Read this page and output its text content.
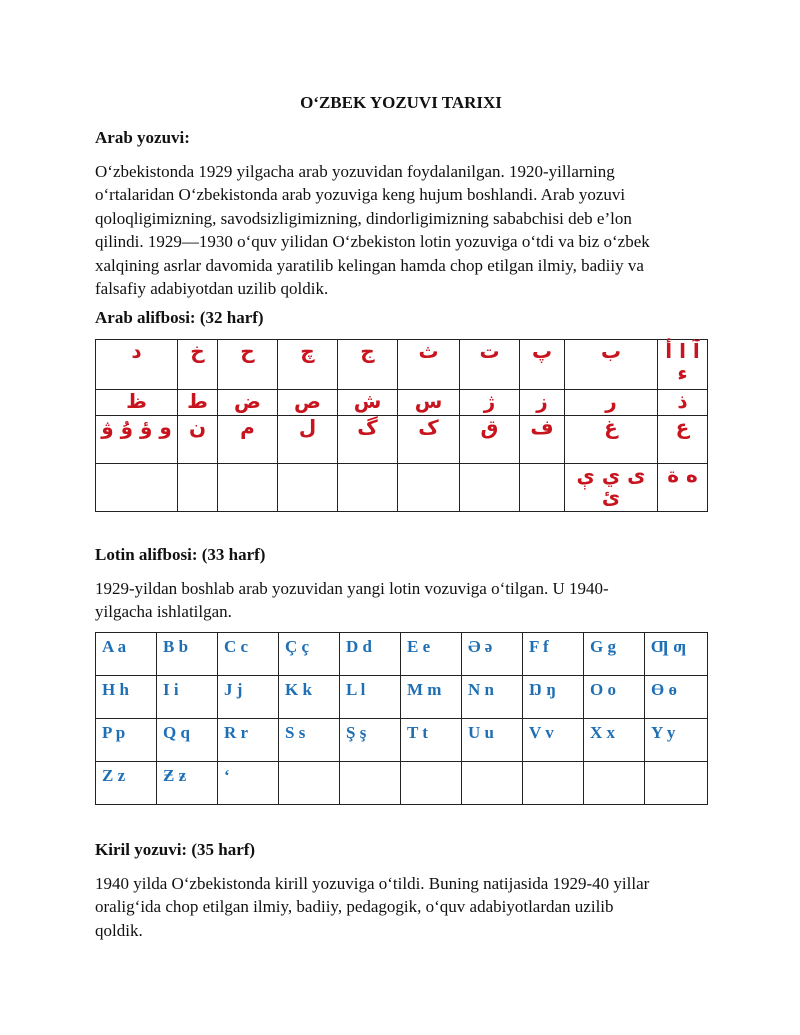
O‘ZBEK YOZUVI TARIXI
Arab yozuvi:
O‘zbekistonda 1929 yilgacha arab yozuvidan foydalanilgan. 1920-yillarning
o‘rtalaridan O‘zbekistonda arab yozuviga keng hujum boshlandi. Arab yozuvi
qoloqligimizning, savodsizligimizning, dindorligimizning sababchisi deb e’lon
qilindi. 1929—1930 o‘quv yilidan O‘zbekiston lotin yozuviga o‘tdi va biz o‘zbek
xalqining asrlar davomida yaratilib kelingan hamda chop etilgan ilmiy, badiiy va
falsafiy adabiyotdan uzilib qoldik.
Arab alifbosi: (32 harf)
د	خ	ح	چ	ج	ث	ت	پ	ب	آ ا أ ء
ظ	ط	ض	ص	ش	س	ژ	ز	ر	ذ
و ؤ ۇ ۋ	ن	م	ل	گ	ک	ق	ف	غ	ع
								ی ي ې ئ	ه ة
Lotin alifbosi: (33 harf)
1929-yildan boshlab arab yozuvidan yangi lotin vozuviga o‘tilgan. U 1940-
yilgacha ishlatilgan.
A a	B b	C c	Ç ç	D d	E e	Ə ə	F f	G g	Ƣ ƣ
H h	I i	J j	K k	L l	M m	N n	Ŋ ŋ	O o	Ɵ ɵ
P p	Q q	R r	S s	Ş ş	T t	U u	V v	X x	Y y
Z z	Ƶ ƶ	‘							
Kiril yozuvi: (35 harf)
1940 yilda O‘zbekistonda kirill yozuviga o‘tildi. Buning natijasida 1929-40 yillar
oralig‘ida chop etilgan ilmiy, badiiy, pedagogik, o‘quv adabiyotlardan uzilib
qoldik.
